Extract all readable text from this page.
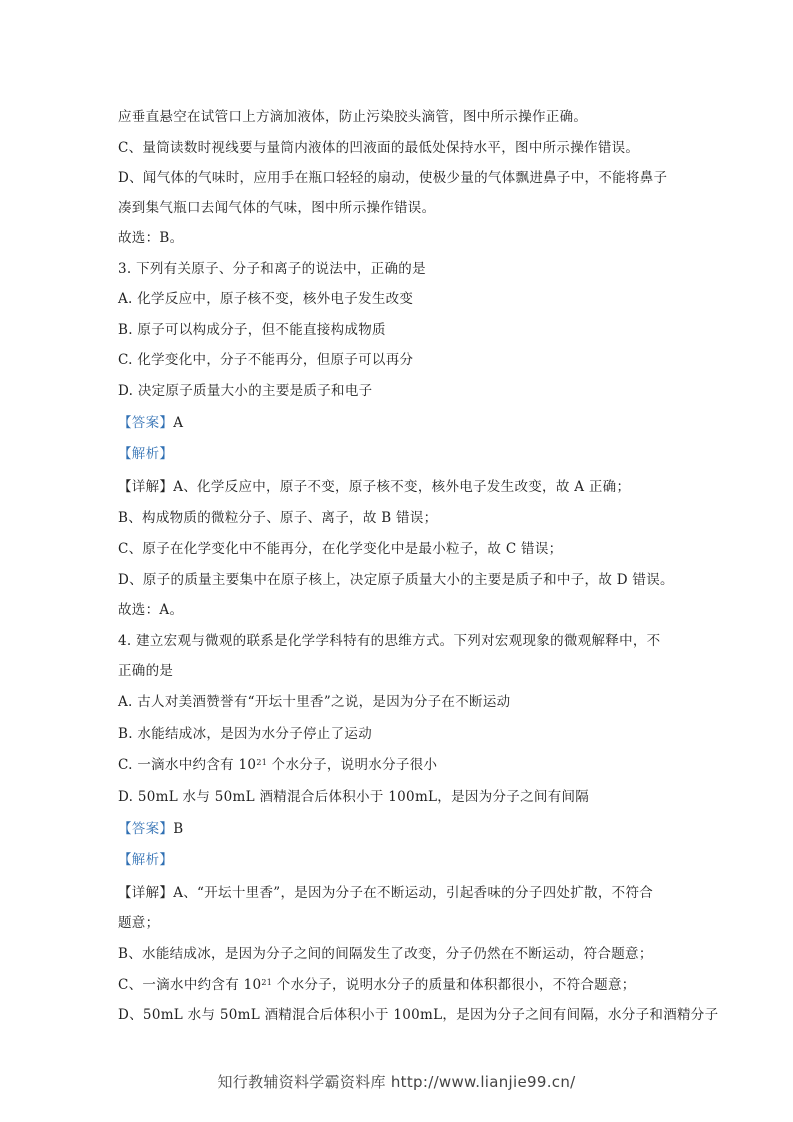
应垂直悬空在试管口上方滴加液体，防止污染胶头滴管，图中所示操作正确。
C、量筒读数时视线要与量筒内液体的凹液面的最低处保持水平，图中所示操作错误。
D、闻气体的气味时，应用手在瓶口轻轻的扇动，使极少量的气体飘进鼻子中，不能将鼻子
凑到集气瓶口去闻气体的气味，图中所示操作错误。
故选：B。
3. 下列有关原子、分子和离子的说法中，正确的是
A. 化学反应中，原子核不变，核外电子发生改变
B. 原子可以构成分子，但不能直接构成物质
C. 化学变化中，分子不能再分，但原子可以再分
D. 决定原子质量大小的主要是质子和电子
【答案】A
【解析】
【详解】A、化学反应中，原子不变，原子核不变，核外电子发生改变，故 A 正确；
B、构成物质的微粒分子、原子、离子，故 B 错误；
C、原子在化学变化中不能再分，在化学变化中是最小粒子，故 C 错误；
D、原子的质量主要集中在原子核上，决定原子质量大小的主要是质子和中子，故 D 错误。
故选：A。
4. 建立宏观与微观的联系是化学学科特有的思维方式。下列对宏观现象的微观解释中，不
正确的是
A. 古人对美酒赞誉有“开坛十里香”之说，是因为分子在不断运动
B. 水能结成冰，是因为水分子停止了运动
C. 一滴水中约含有 $10^{21}$ 个水分子，说明水分子很小
D. 50mL 水与 50mL 酒精混合后体积小于 100mL，是因为分子之间有间隔
【答案】B
【解析】
【详解】A、“开坛十里香”，是因为分子在不断运动，引起香味的分子四处扩散，不符合
题意；
B、水能结成冰，是因为分子之间的间隔发生了改变，分子仍然在不断运动，符合题意；
C、一滴水中约含有 $10^{21}$ 个水分子，说明水分子的质量和体积都很小，不符合题意；
D、50mL 水与 50mL 酒精混合后体积小于 100mL，是因为分子之间有间隔，水分子和酒精分子
知行教辅资料学霸资料库 http://www.lianjie99.cn/
